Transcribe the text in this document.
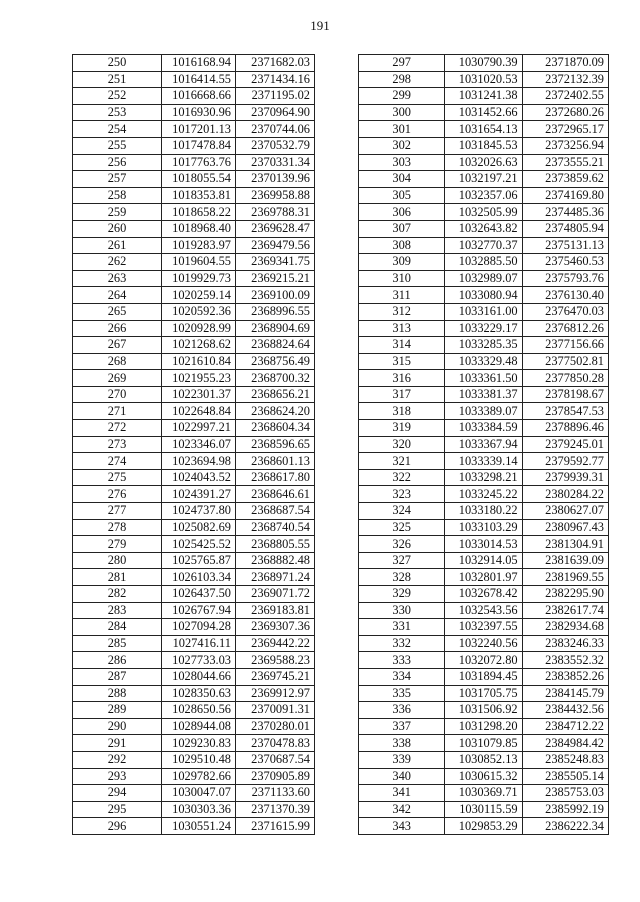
191
250	1016168.94	2371682.03
251	1016414.55	2371434.16
252	1016668.66	2371195.02
253	1016930.96	2370964.90
254	1017201.13	2370744.06
255	1017478.84	2370532.79
256	1017763.76	2370331.34
257	1018055.54	2370139.96
258	1018353.81	2369958.88
259	1018658.22	2369788.31
260	1018968.40	2369628.47
261	1019283.97	2369479.56
262	1019604.55	2369341.75
263	1019929.73	2369215.21
264	1020259.14	2369100.09
265	1020592.36	2368996.55
266	1020928.99	2368904.69
267	1021268.62	2368824.64
268	1021610.84	2368756.49
269	1021955.23	2368700.32
270	1022301.37	2368656.21
271	1022648.84	2368624.20
272	1022997.21	2368604.34
273	1023346.07	2368596.65
274	1023694.98	2368601.13
275	1024043.52	2368617.80
276	1024391.27	2368646.61
277	1024737.80	2368687.54
278	1025082.69	2368740.54
279	1025425.52	2368805.55
280	1025765.87	2368882.48
281	1026103.34	2368971.24
282	1026437.50	2369071.72
283	1026767.94	2369183.81
284	1027094.28	2369307.36
285	1027416.11	2369442.22
286	1027733.03	2369588.23
287	1028044.66	2369745.21
288	1028350.63	2369912.97
289	1028650.56	2370091.31
290	1028944.08	2370280.01
291	1029230.83	2370478.83
292	1029510.48	2370687.54
293	1029782.66	2370905.89
294	1030047.07	2371133.60
295	1030303.36	2371370.39
296	1030551.24	2371615.99
297	1030790.39	2371870.09
298	1031020.53	2372132.39
299	1031241.38	2372402.55
300	1031452.66	2372680.26
301	1031654.13	2372965.17
302	1031845.53	2373256.94
303	1032026.63	2373555.21
304	1032197.21	2373859.62
305	1032357.06	2374169.80
306	1032505.99	2374485.36
307	1032643.82	2374805.94
308	1032770.37	2375131.13
309	1032885.50	2375460.53
310	1032989.07	2375793.76
311	1033080.94	2376130.40
312	1033161.00	2376470.03
313	1033229.17	2376812.26
314	1033285.35	2377156.66
315	1033329.48	2377502.81
316	1033361.50	2377850.28
317	1033381.37	2378198.67
318	1033389.07	2378547.53
319	1033384.59	2378896.46
320	1033367.94	2379245.01
321	1033339.14	2379592.77
322	1033298.21	2379939.31
323	1033245.22	2380284.22
324	1033180.22	2380627.07
325	1033103.29	2380967.43
326	1033014.53	2381304.91
327	1032914.05	2381639.09
328	1032801.97	2381969.55
329	1032678.42	2382295.90
330	1032543.56	2382617.74
331	1032397.55	2382934.68
332	1032240.56	2383246.33
333	1032072.80	2383552.32
334	1031894.45	2383852.26
335	1031705.75	2384145.79
336	1031506.92	2384432.56
337	1031298.20	2384712.22
338	1031079.85	2384984.42
339	1030852.13	2385248.83
340	1030615.32	2385505.14
341	1030369.71	2385753.03
342	1030115.59	2385992.19
343	1029853.29	2386222.34
